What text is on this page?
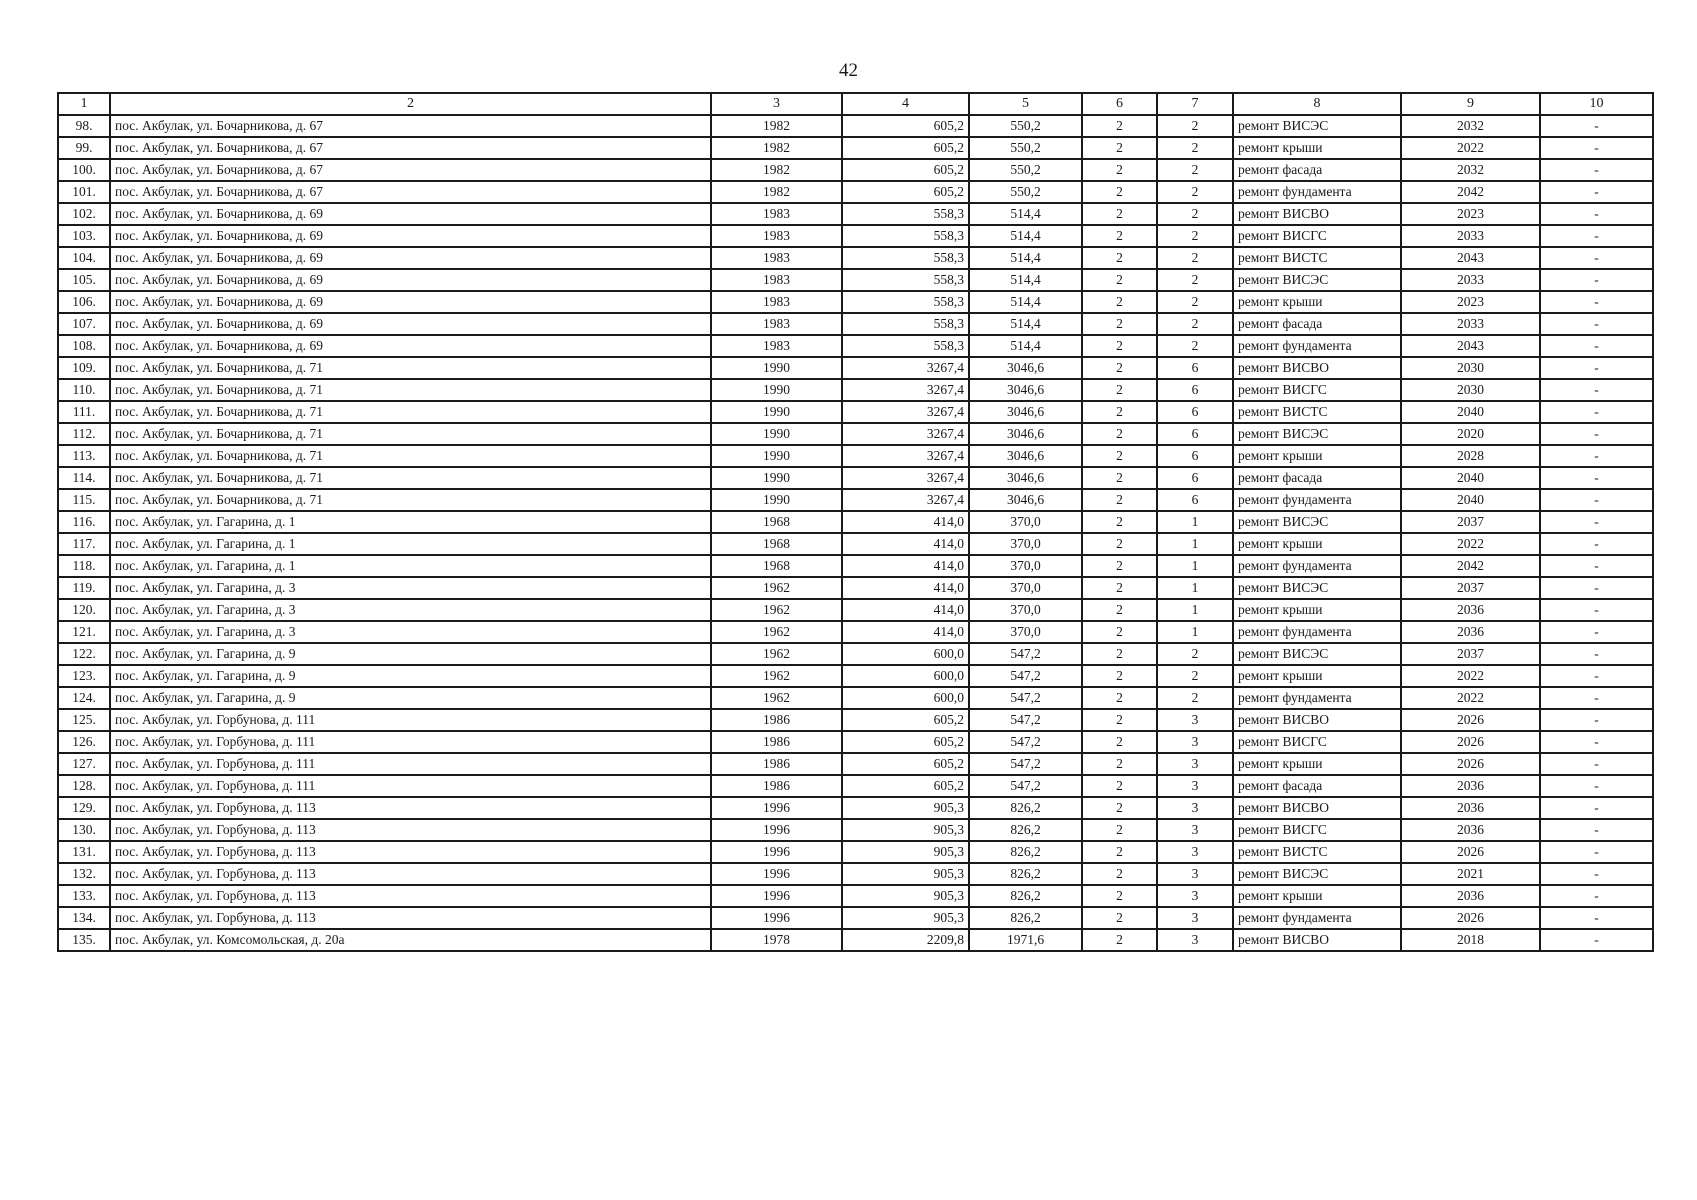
42
1	2	3	4	5	6	7	8	9	10
98.	пос. Акбулак, ул. Бочарникова, д. 67	1982	605,2	550,2	2	2	ремонт ВИСЭС	2032	-
99.	пос. Акбулак, ул. Бочарникова, д. 67	1982	605,2	550,2	2	2	ремонт крыши	2022	-
100.	пос. Акбулак, ул. Бочарникова, д. 67	1982	605,2	550,2	2	2	ремонт фасада	2032	-
101.	пос. Акбулак, ул. Бочарникова, д. 67	1982	605,2	550,2	2	2	ремонт фундамента	2042	-
102.	пос. Акбулак, ул. Бочарникова, д. 69	1983	558,3	514,4	2	2	ремонт ВИСВО	2023	-
103.	пос. Акбулак, ул. Бочарникова, д. 69	1983	558,3	514,4	2	2	ремонт ВИСГС	2033	-
104.	пос. Акбулак, ул. Бочарникова, д. 69	1983	558,3	514,4	2	2	ремонт ВИСТС	2043	-
105.	пос. Акбулак, ул. Бочарникова, д. 69	1983	558,3	514,4	2	2	ремонт ВИСЭС	2033	-
106.	пос. Акбулак, ул. Бочарникова, д. 69	1983	558,3	514,4	2	2	ремонт крыши	2023	-
107.	пос. Акбулак, ул. Бочарникова, д. 69	1983	558,3	514,4	2	2	ремонт фасада	2033	-
108.	пос. Акбулак, ул. Бочарникова, д. 69	1983	558,3	514,4	2	2	ремонт фундамента	2043	-
109.	пос. Акбулак, ул. Бочарникова, д. 71	1990	3267,4	3046,6	2	6	ремонт ВИСВО	2030	-
110.	пос. Акбулак, ул. Бочарникова, д. 71	1990	3267,4	3046,6	2	6	ремонт ВИСГС	2030	-
111.	пос. Акбулак, ул. Бочарникова, д. 71	1990	3267,4	3046,6	2	6	ремонт ВИСТС	2040	-
112.	пос. Акбулак, ул. Бочарникова, д. 71	1990	3267,4	3046,6	2	6	ремонт ВИСЭС	2020	-
113.	пос. Акбулак, ул. Бочарникова, д. 71	1990	3267,4	3046,6	2	6	ремонт крыши	2028	-
114.	пос. Акбулак, ул. Бочарникова, д. 71	1990	3267,4	3046,6	2	6	ремонт фасада	2040	-
115.	пос. Акбулак, ул. Бочарникова, д. 71	1990	3267,4	3046,6	2	6	ремонт фундамента	2040	-
116.	пос. Акбулак, ул. Гагарина, д. 1	1968	414,0	370,0	2	1	ремонт ВИСЭС	2037	-
117.	пос. Акбулак, ул. Гагарина, д. 1	1968	414,0	370,0	2	1	ремонт крыши	2022	-
118.	пос. Акбулак, ул. Гагарина, д. 1	1968	414,0	370,0	2	1	ремонт фундамента	2042	-
119.	пос. Акбулак, ул. Гагарина, д. 3	1962	414,0	370,0	2	1	ремонт ВИСЭС	2037	-
120.	пос. Акбулак, ул. Гагарина, д. 3	1962	414,0	370,0	2	1	ремонт крыши	2036	-
121.	пос. Акбулак, ул. Гагарина, д. 3	1962	414,0	370,0	2	1	ремонт фундамента	2036	-
122.	пос. Акбулак, ул. Гагарина, д. 9	1962	600,0	547,2	2	2	ремонт ВИСЭС	2037	-
123.	пос. Акбулак, ул. Гагарина, д. 9	1962	600,0	547,2	2	2	ремонт крыши	2022	-
124.	пос. Акбулак, ул. Гагарина, д. 9	1962	600,0	547,2	2	2	ремонт фундамента	2022	-
125.	пос. Акбулак, ул. Горбунова, д. 111	1986	605,2	547,2	2	3	ремонт ВИСВО	2026	-
126.	пос. Акбулак, ул. Горбунова, д. 111	1986	605,2	547,2	2	3	ремонт ВИСГС	2026	-
127.	пос. Акбулак, ул. Горбунова, д. 111	1986	605,2	547,2	2	3	ремонт крыши	2026	-
128.	пос. Акбулак, ул. Горбунова, д. 111	1986	605,2	547,2	2	3	ремонт фасада	2036	-
129.	пос. Акбулак, ул. Горбунова, д. 113	1996	905,3	826,2	2	3	ремонт ВИСВО	2036	-
130.	пос. Акбулак, ул. Горбунова, д. 113	1996	905,3	826,2	2	3	ремонт ВИСГС	2036	-
131.	пос. Акбулак, ул. Горбунова, д. 113	1996	905,3	826,2	2	3	ремонт ВИСТС	2026	-
132.	пос. Акбулак, ул. Горбунова, д. 113	1996	905,3	826,2	2	3	ремонт ВИСЭС	2021	-
133.	пос. Акбулак, ул. Горбунова, д. 113	1996	905,3	826,2	2	3	ремонт крыши	2036	-
134.	пос. Акбулак, ул. Горбунова, д. 113	1996	905,3	826,2	2	3	ремонт фундамента	2026	-
135.	пос. Акбулак, ул. Комсомольская, д. 20а	1978	2209,8	1971,6	2	3	ремонт ВИСВО	2018	-
